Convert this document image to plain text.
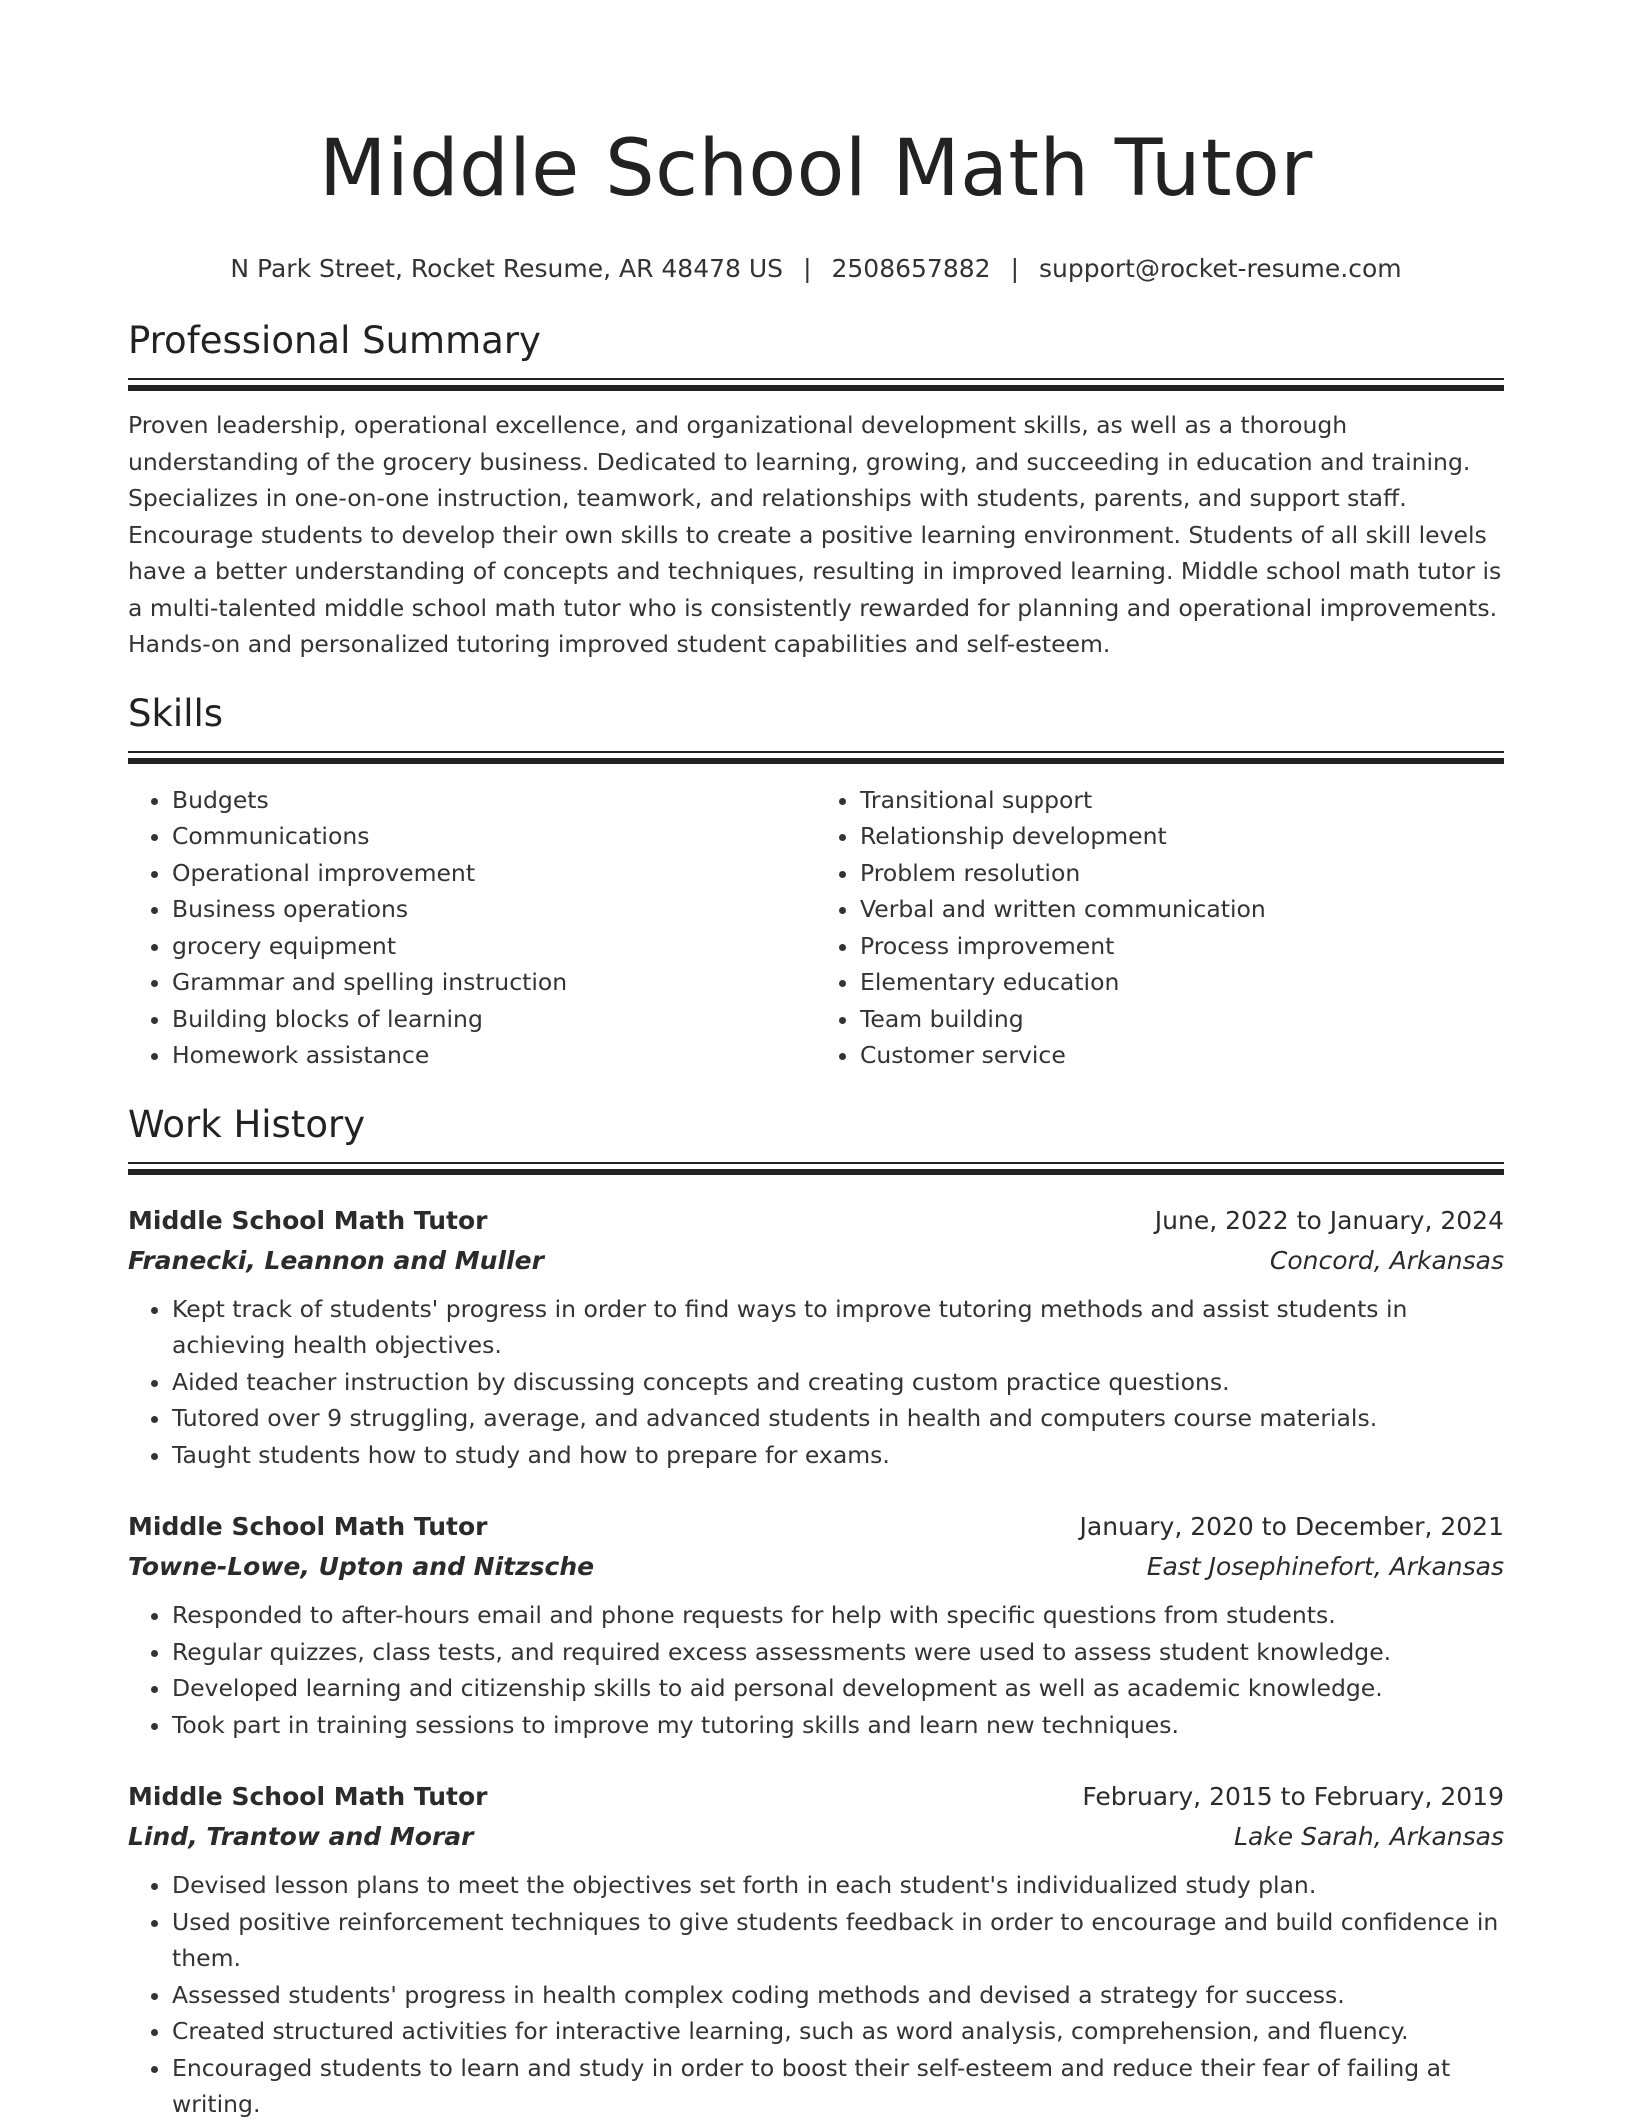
Middle School Math Tutor
N Park Street, Rocket Resume, AR 48478 US | 2508657882 | support@rocket-resume.com
Professional Summary
Proven leadership, operational excellence, and organizational development skills, as well as a thorough understanding of the grocery business. Dedicated to learning, growing, and succeeding in education and training. Specializes in one-on-one instruction, teamwork, and relationships with students, parents, and support staff. Encourage students to develop their own skills to create a positive learning environment. Students of all skill levels have a better understanding of concepts and techniques, resulting in improved learning. Middle school math tutor is a multi-talented middle school math tutor who is consistently rewarded for planning and operational improvements. Hands-on and personalized tutoring improved student capabilities and self-esteem.
Skills
• Budgets
• Communications
• Operational improvement
• Business operations
• grocery equipment
• Grammar and spelling instruction
• Building blocks of learning
• Homework assistance
• Transitional support
• Relationship development
• Problem resolution
• Verbal and written communication
• Process improvement
• Elementary education
• Team building
• Customer service
Work History
Middle School Math Tutor	June, 2022 to January, 2024
Franecki, Leannon and Muller	Concord, Arkansas
• Kept track of students' progress in order to find ways to improve tutoring methods and assist students in achieving health objectives.
• Aided teacher instruction by discussing concepts and creating custom practice questions.
• Tutored over 9 struggling, average, and advanced students in health and computers course materials.
• Taught students how to study and how to prepare for exams.
Middle School Math Tutor	January, 2020 to December, 2021
Towne-Lowe, Upton and Nitzsche	East Josephinefort, Arkansas
• Responded to after-hours email and phone requests for help with specific questions from students.
• Regular quizzes, class tests, and required excess assessments were used to assess student knowledge.
• Developed learning and citizenship skills to aid personal development as well as academic knowledge.
• Took part in training sessions to improve my tutoring skills and learn new techniques.
Middle School Math Tutor	February, 2015 to February, 2019
Lind, Trantow and Morar	Lake Sarah, Arkansas
• Devised lesson plans to meet the objectives set forth in each student's individualized study plan.
• Used positive reinforcement techniques to give students feedback in order to encourage and build confidence in them.
• Assessed students' progress in health complex coding methods and devised a strategy for success.
• Created structured activities for interactive learning, such as word analysis, comprehension, and fluency.
• Encouraged students to learn and study in order to boost their self-esteem and reduce their fear of failing at writing.
